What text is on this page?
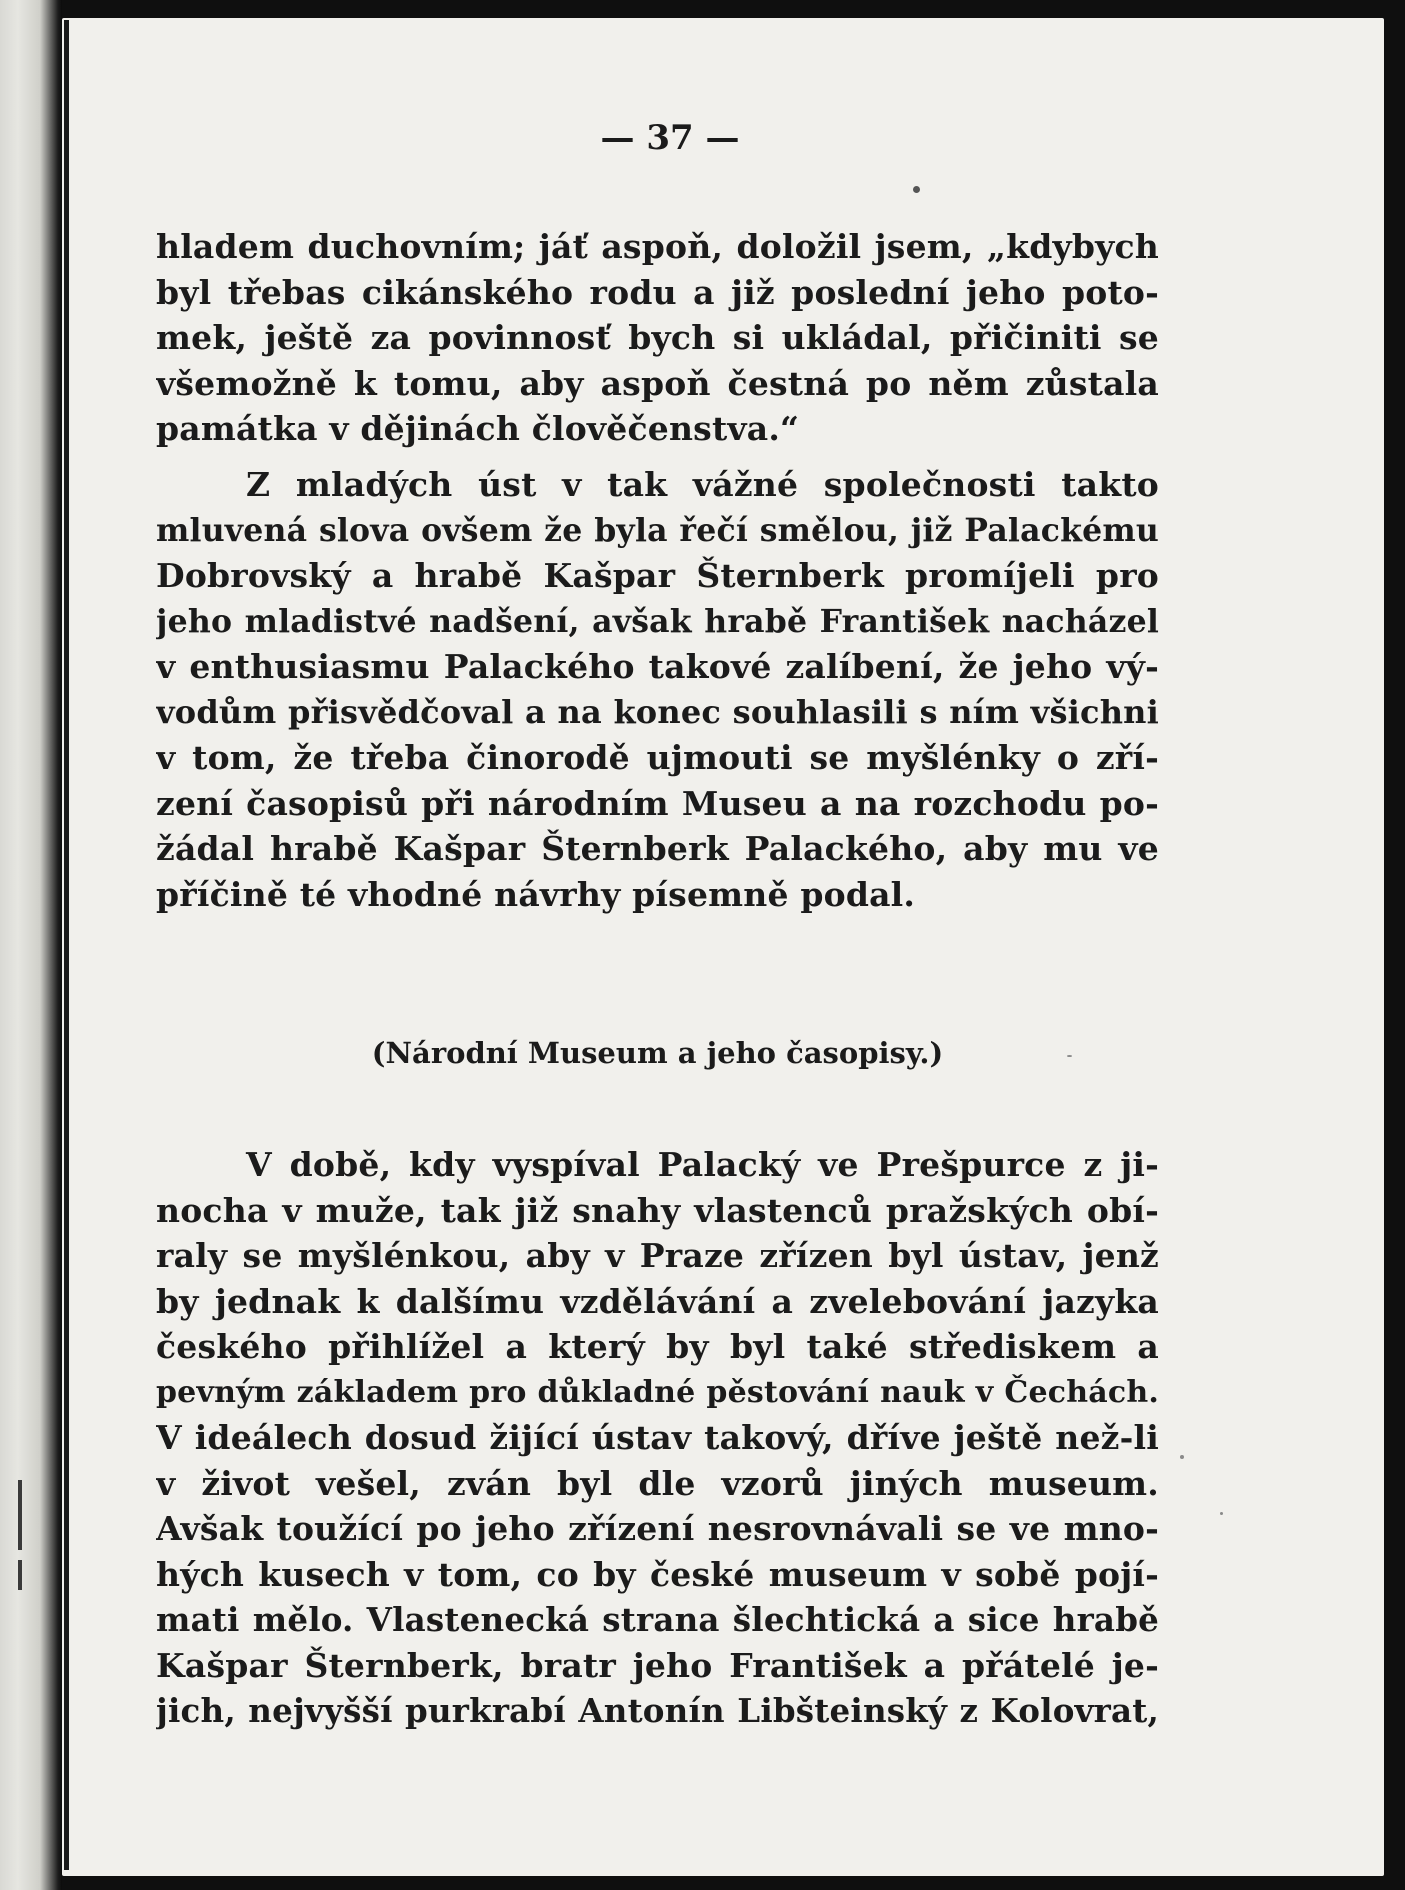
— 37 —

hladem duchovním; jáť aspoň, doložil jsem, „kdybych
byl třebas cikánského rodu a již poslední jeho poto-
mek, ještě za povinnosť bych si ukládal, přičiniti se
všemožně k tomu, aby aspoň čestná po něm zůstala
památka v dějinách člověčenstva.“

Z mladých úst v tak vážné společnosti takto
mluvená slova ovšem že byla řečí smělou, již Palackému
Dobrovský a hrabě Kašpar Šternberk promíjeli pro
jeho mladistvé nadšení, avšak hrabě František nacházel
v enthusiasmu Palackého takové zalíbení, že jeho vý-
vodům přisvědčoval a na konec souhlasili s ním všichni
v tom, že třeba činorodě ujmouti se myšlénky o zří-
zení časopisů při národním Museu a na rozchodu po-
žádal hrabě Kašpar Šternberk Palackého, aby mu ve
příčině té vhodné návrhy písemně podal.

(Národní Museum a jeho časopisy.)

V době, kdy vyspíval Palacký ve Prešpurce z ji-
nocha v muže, tak již snahy vlastenců pražských obí-
raly se myšlénkou, aby v Praze zřízen byl ústav, jenž
by jednak k dalšímu vzdělávání a zvelebování jazyka
českého přihlížel a který by byl také střediskem a
pevným základem pro důkladné pěstování nauk v Čechách.
V ideálech dosud žijící ústav takový, dříve ještě než-li
v život vešel, zván byl dle vzorů jiných museum.
Avšak toužící po jeho zřízení nesrovnávali se ve mno-
hých kusech v tom, co by české museum v sobě pojí-
mati mělo. Vlastenecká strana šlechtická a sice hrabě
Kašpar Šternberk, bratr jeho František a přátelé je-
jich, nejvyšší purkrabí Antonín Libšteinský z Kolovrat,
